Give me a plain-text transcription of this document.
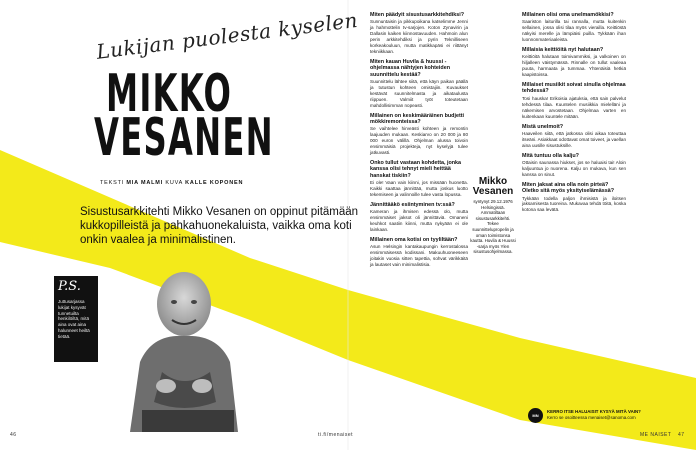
Lukijan puolesta kyselen
MIKKO
VESANEN
TEKSTI MIA MALMI KUVA KALLE KOPONEN
Sisustusarkkitehti Mikko Vesanen on oppinut pitämään kukkopilleistä ja pahkahuonekaluista, vaikka oma koti onkin vaalea ja minimalistinen.
P.S.
Juttusarjassa lukijat kysyvät tunnetuilta henkilöiltä, mitä aina ovat aina halunneet heiltä tietää.
46	ti.fi/menaiset
Miten päädyit sisustusarkkitehdiksi?

Sunnuntaisin ja pikkupoikana katselimme Jenni ja hahmottelin tv-sarjojen. Koton Zynavirin ja Dallasin kaiken kiinnostavuuden. Hahmoin alun perin arkkitehdiksi ja pyrin Teknilliseen korkeakouluun, mutta matikkapäsi ei riittänyt tekniikkaan.

Miten kauan Huvila & huussi -ohjelmassa nähtyjen kohteiden suunnittelu kestää?

Suunnittelu lähtee siitä, että käyn paikan päällä ja tutustun kohteen omistajiin. Kuvaukset kestävät suunnitelmasta ja aikataulusta riippuen. Valmiit työt toteutetaan mahdollisimman nopeasti.

Millainen on keskimääräinen budjetti mökkiremonteissa?

Se vaihtelee hirveästi kohteen ja remontin laajuuden mukaan. Keskiarvo on 20 000 ja 80 000 euron välillä. Ohjelman alussa toivoin ensimmäisiä projekteja, nyt kyselyjä tulee jatkuvasti.

Onko tullut vastaan kohdetta, jonka kanssa olisi tehnyt mieli heittää hanskat tiskiin?

Ei ole! Vaan vain kiinni, jos missään huonetta. Kaikki saattaa jännittää, mutta joskus luotto tekemiseen ja valinnoille tulee vasta lopussa.

Jännittääkö esiintyminen tv:ssä?

Kameran ja ihmisen edessä olo, mutta ensimmäiset jaksot oli jännittäviä. Omaneni keuhkot saatiin kiinni, mutta nykyään ei ole lainkaan.

Millainen oma kotisi on tyyliltään?

Asun Helsingin kantakaupungin kerrostalossa ensimmäisessä kodissani. Makuuhuoneeseen joitakin vuosia sitten tapettia, sohvat värikkäitä ja lautaset vain minimalistisia.

Millainen olisi oma unelmamökkisi?

Saariston laiturilla tai rannalla, mutta kuitenkin sellainen, jossa olisi tilaa myös vierailla. Keittiöstä näkyisi merelle ja lämpiäisi puilla. Tykkään ihan luonnonmateriaaleista.

Millaisia keittiöitä nyt halutaan?

Keittiöitä halutaan toimivammiksi, ja valkoinen on hiljalleen väistymässä. Rinnalle on tullut vaaleaa puuta, harmaata ja tummaa. Yhtenäisiä hetkiä kaapistoissa.

Millaiset musiikit soivat sinulla ohjelmaa tehdessä?

Tosi hauska! Erikoisia ajatuksia, että sain palvelut tehdessä tilaa. Kuuntelen musiikkia mielelläni ja näkemisen arvostetaan. Ohjelmaa varten en kuitenkaan kuuntele mitään.

Mistä unelmoit?

Haaveilen siitä, että jatkossa olisi aikaa toteuttaa itseäni. Asiakkaat odottavat omat toiveet, ja vaellan aina uusille sisustuksille.

Mitä tuntuu olla kalju?

Ottaisin saunassa hiukset, jos se haluaisi tai! Aloin kaljuuntua jo nuorena. Kalju on mukava, kun sen kanssa on sinut.

Miten jaksat aina olla noin pirteä? Oletko sitä myös yksityiselämässä?

Tykkään todella paljon ihmisistä ja iloitsen jaksamisesta tuoreina. Mukavaa tehdä töitä, koska kotona saa levätä.

Mikko Vesanen
syntynyt 29.12.1976 Helsingissä. Ammatiltaan sisustusarkkitehti. Tekee suunnittelupropelin ja oman toimistonsa kautta. Huvila & Huussi -sarja myös Ylen sisustusohjelmassa.
MN
KERRO ITSE HALUAISIT KYSYÄ MITÄ VAIN?
Kerro se osoitteessa menaiset@sanoma.com
ME NAISET 47
